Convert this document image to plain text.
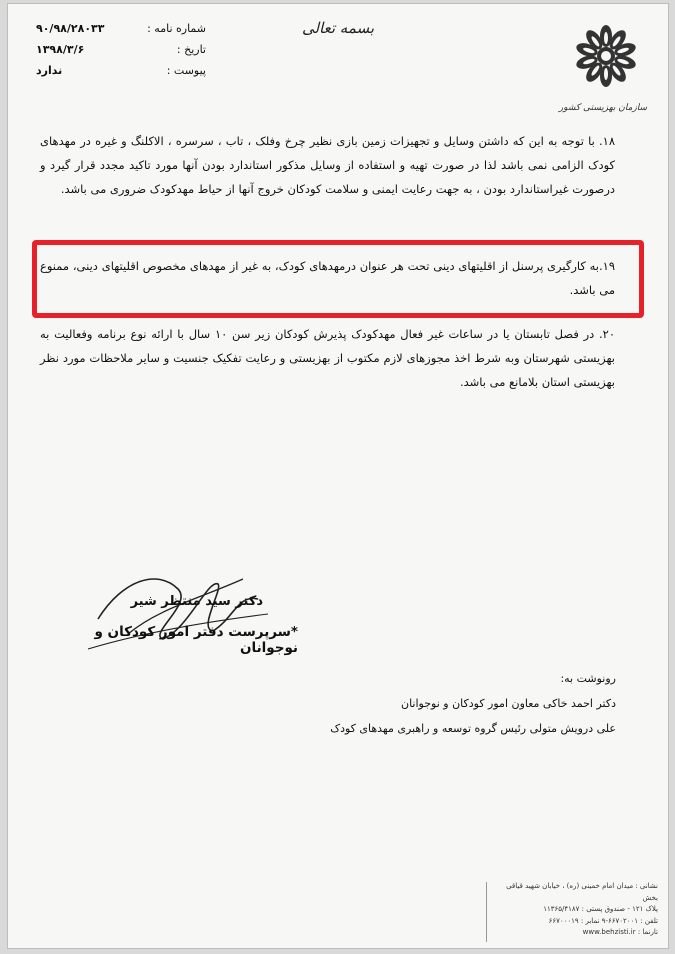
۹۰/۹۸/۲۸۰۳۳	شماره نامه :
۱۳۹۸/۳/۶	تاریخ :
ندارد	پیوست :
بسمه تعالی
سازمان بهزیستی کشور
۱۸. با توجه به این که داشتن وسایل و تجهیزات زمین بازی نظیر چرخ وفلک ، تاب ، سرسره ، الاکلنگ و غیره در مهدهای کودک الزامی نمی باشد لذا در صورت تهیه و استفاده از وسایل مذکور استاندارد بودن آنها مورد تاکید مجدد قرار گیرد و درصورت غیراستاندارد بودن ، به جهت رعایت ایمنی و سلامت کودکان خروج آنها از حیاط مهدکودک ضروری می باشد.
۱۹.به کارگیری پرسنل از اقلیتهای دینی تحت هر عنوان درمهدهای کودک، به غیر از مهدهای مخصوص اقلیتهای دینی، ممنوع می باشد.
۲۰. در فصل تابستان یا در ساعات غیر فعال مهدکودک پذیرش کودکان زیر سن ۱۰ سال با ارائه نوع برنامه وفعالیت به بهزیستی شهرستان وبه شرط اخذ مجوزهای لازم مکتوب از بهزیستی و رعایت تفکیک جنسیت و سایر ملاحظات مورد نظر بهزیستی استان بلامانع می باشد.
دکتر سید منتظر شیر
*سرپرست دفتر امور کودکان و نوجوانان
رونوشت به:
دکتر احمد خاکی معاون امور کودکان و نوجوانان
علی درویش متولی رئیس گروه توسعه و راهبری مهدهای کودک
نشانی : میدان امام خمینی (ره) ، خیابان شهید قیاقی بخش
پلاک ۱۲۱ - صندوق پستی : ۱۱۳۶۵/۴۱۸۷
تلفن : ۶۶۷۰۲۰۰۱-۹ نمابر : ۶۶۷۰۰۰۱۹
تارنما : www.behzisti.ir
